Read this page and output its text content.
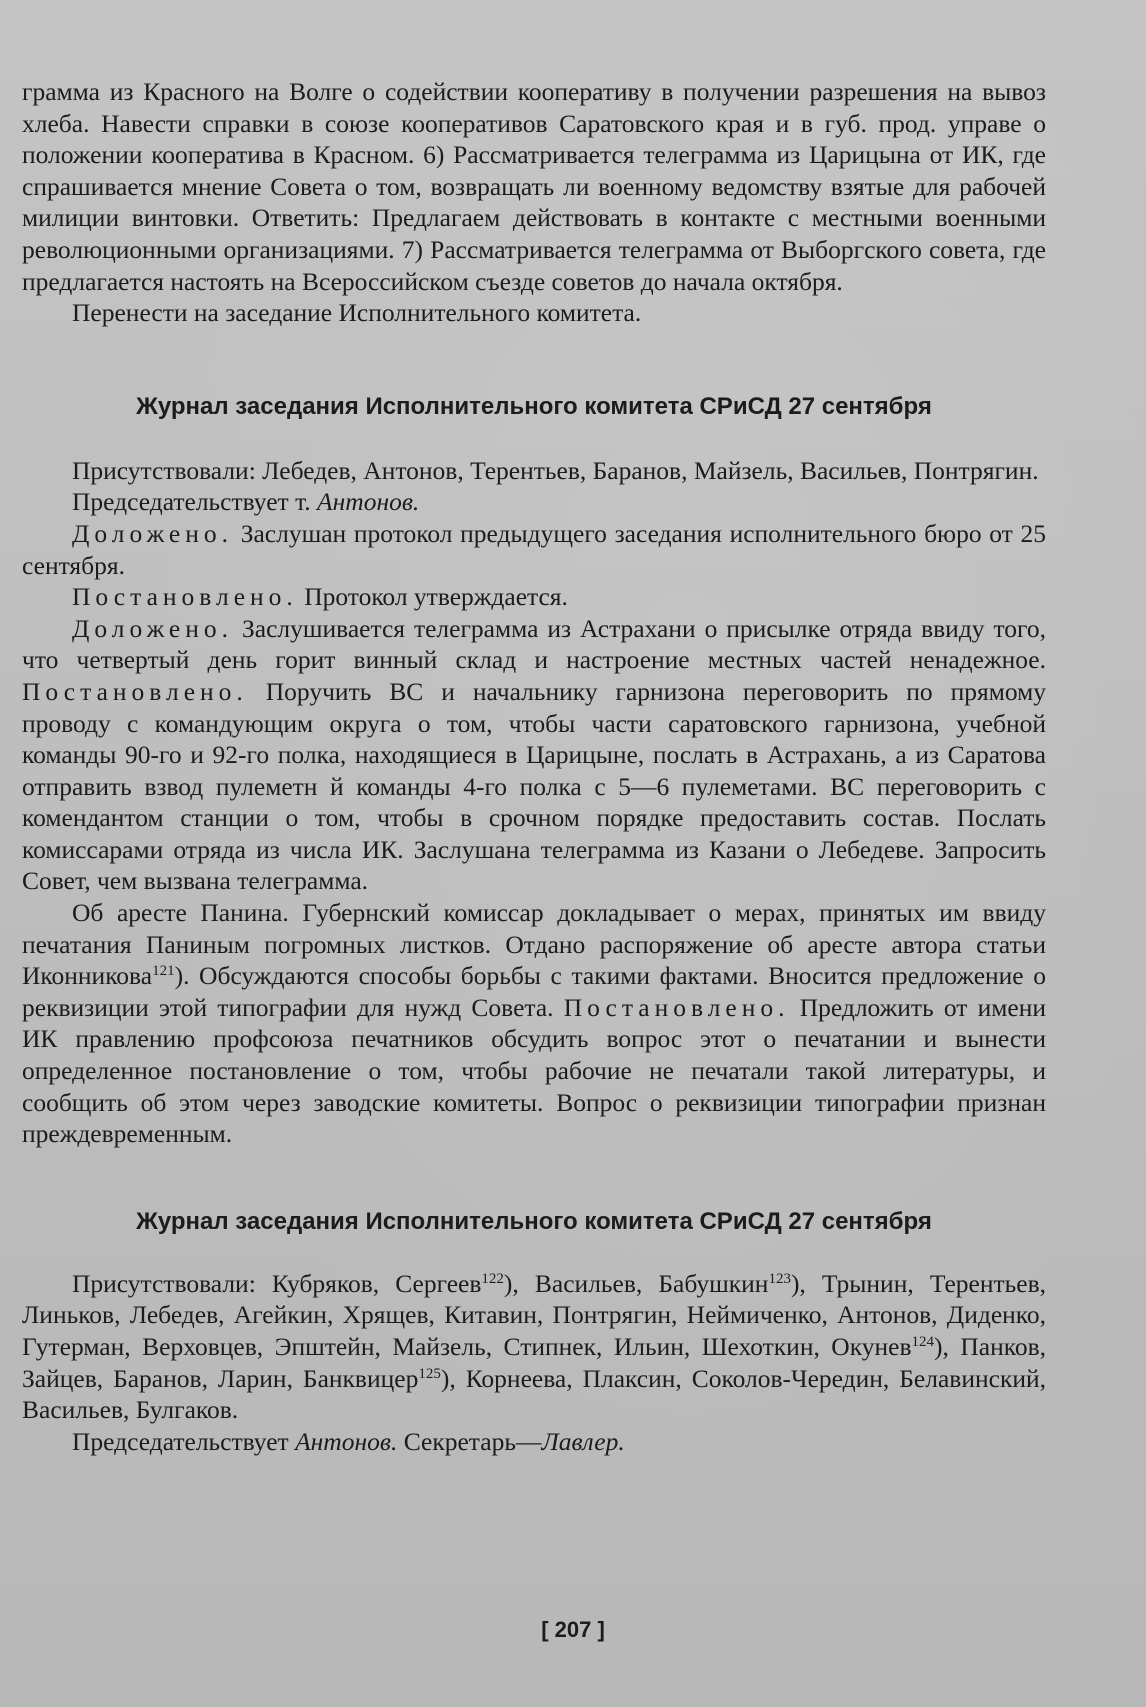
грамма из Красного на Волге о содействии кооперативу в получении разрешения на вывоз хлеба. Навести справки в союзе кооперативов Саратовского края и в губ. прод. управе о положении кооператива в Красном. 6) Рассматривается телеграмма из Царицына от ИК, где спрашивается мнение Совета о том, возвращать ли военному ведомству взятые для рабочей милиции винтовки. Ответить: Предлагаем действовать в контакте с местными военными революционными организациями. 7) Рассматривается телеграмма от Выборгского совета, где предлагается настоять на Всероссийском съезде советов до начала октября.

Перенести на заседание Исполнительного комитета.

Журнал заседания Исполнительного комитета СРиСД 27 сентября

Присутствовали: Лебедев, Антонов, Терентьев, Баранов, Майзель, Васильев, Понтрягин.

Председательствует т. Антонов.

Доложено. Заслушан протокол предыдущего заседания исполнительного бюро от 25 сентября.

Постановлено. Протокол утверждается.

Доложено. Заслушивается телеграмма из Астрахани о присылке отряда ввиду того, что четвертый день горит винный склад и настроение местных частей ненадежное. Постановлено. Поручить ВС и начальнику гарнизона переговорить по прямому проводу с командующим округа о том, чтобы части саратовского гарнизона, учебной команды 90-го и 92-го полка, находящиеся в Царицыне, послать в Астрахань, а из Саратова отправить взвод пулеметн й команды 4-го полка с 5—6 пулеметами. ВС переговорить с комендантом станции о том, чтобы в срочном порядке предоставить состав. Послать комиссарами отряда из числа ИК. Заслушана телеграмма из Казани о Лебедеве. Запросить Совет, чем вызвана телеграмма.

Об аресте Панина. Губернский комиссар докладывает о мерах, принятых им ввиду печатания Паниным погромных листков. Отдано распоряжение об аресте автора статьи Иконникова$^{121}$). Обсуждаются способы борьбы с такими фактами. Вносится предложение о реквизиции этой типографии для нужд Совета. Постановлено. Предложить от имени ИК правлению профсоюза печатников обсудить вопрос этот о печатании и вынести определенное постановление о том, чтобы рабочие не печатали такой литературы, и сообщить об этом через заводские комитеты. Вопрос о реквизиции типографии признан преждевременным.

Журнал заседания Исполнительного комитета СРиСД 27 сентября

Присутствовали: Кубряков, Сергеев$^{122}$), Васильев, Бабушкин$^{123}$), Трынин, Терентьев, Линьков, Лебедев, Агейкин, Хрящев, Китавин, Понтрягин, Неймиченко, Антонов, Диденко, Гутерман, Верховцев, Эпштейн, Майзель, Стипнек, Ильин, Шехоткин, Окунев$^{124}$), Панков, Зайцев, Баранов, Ларин, Банквицер$^{125}$), Корнеева, Плаксин, Соколов-Чередин, Белавинский, Васильев, Булгаков.

Председательствует Антонов. Секретарь—Лавлер.

[ 207 ]
